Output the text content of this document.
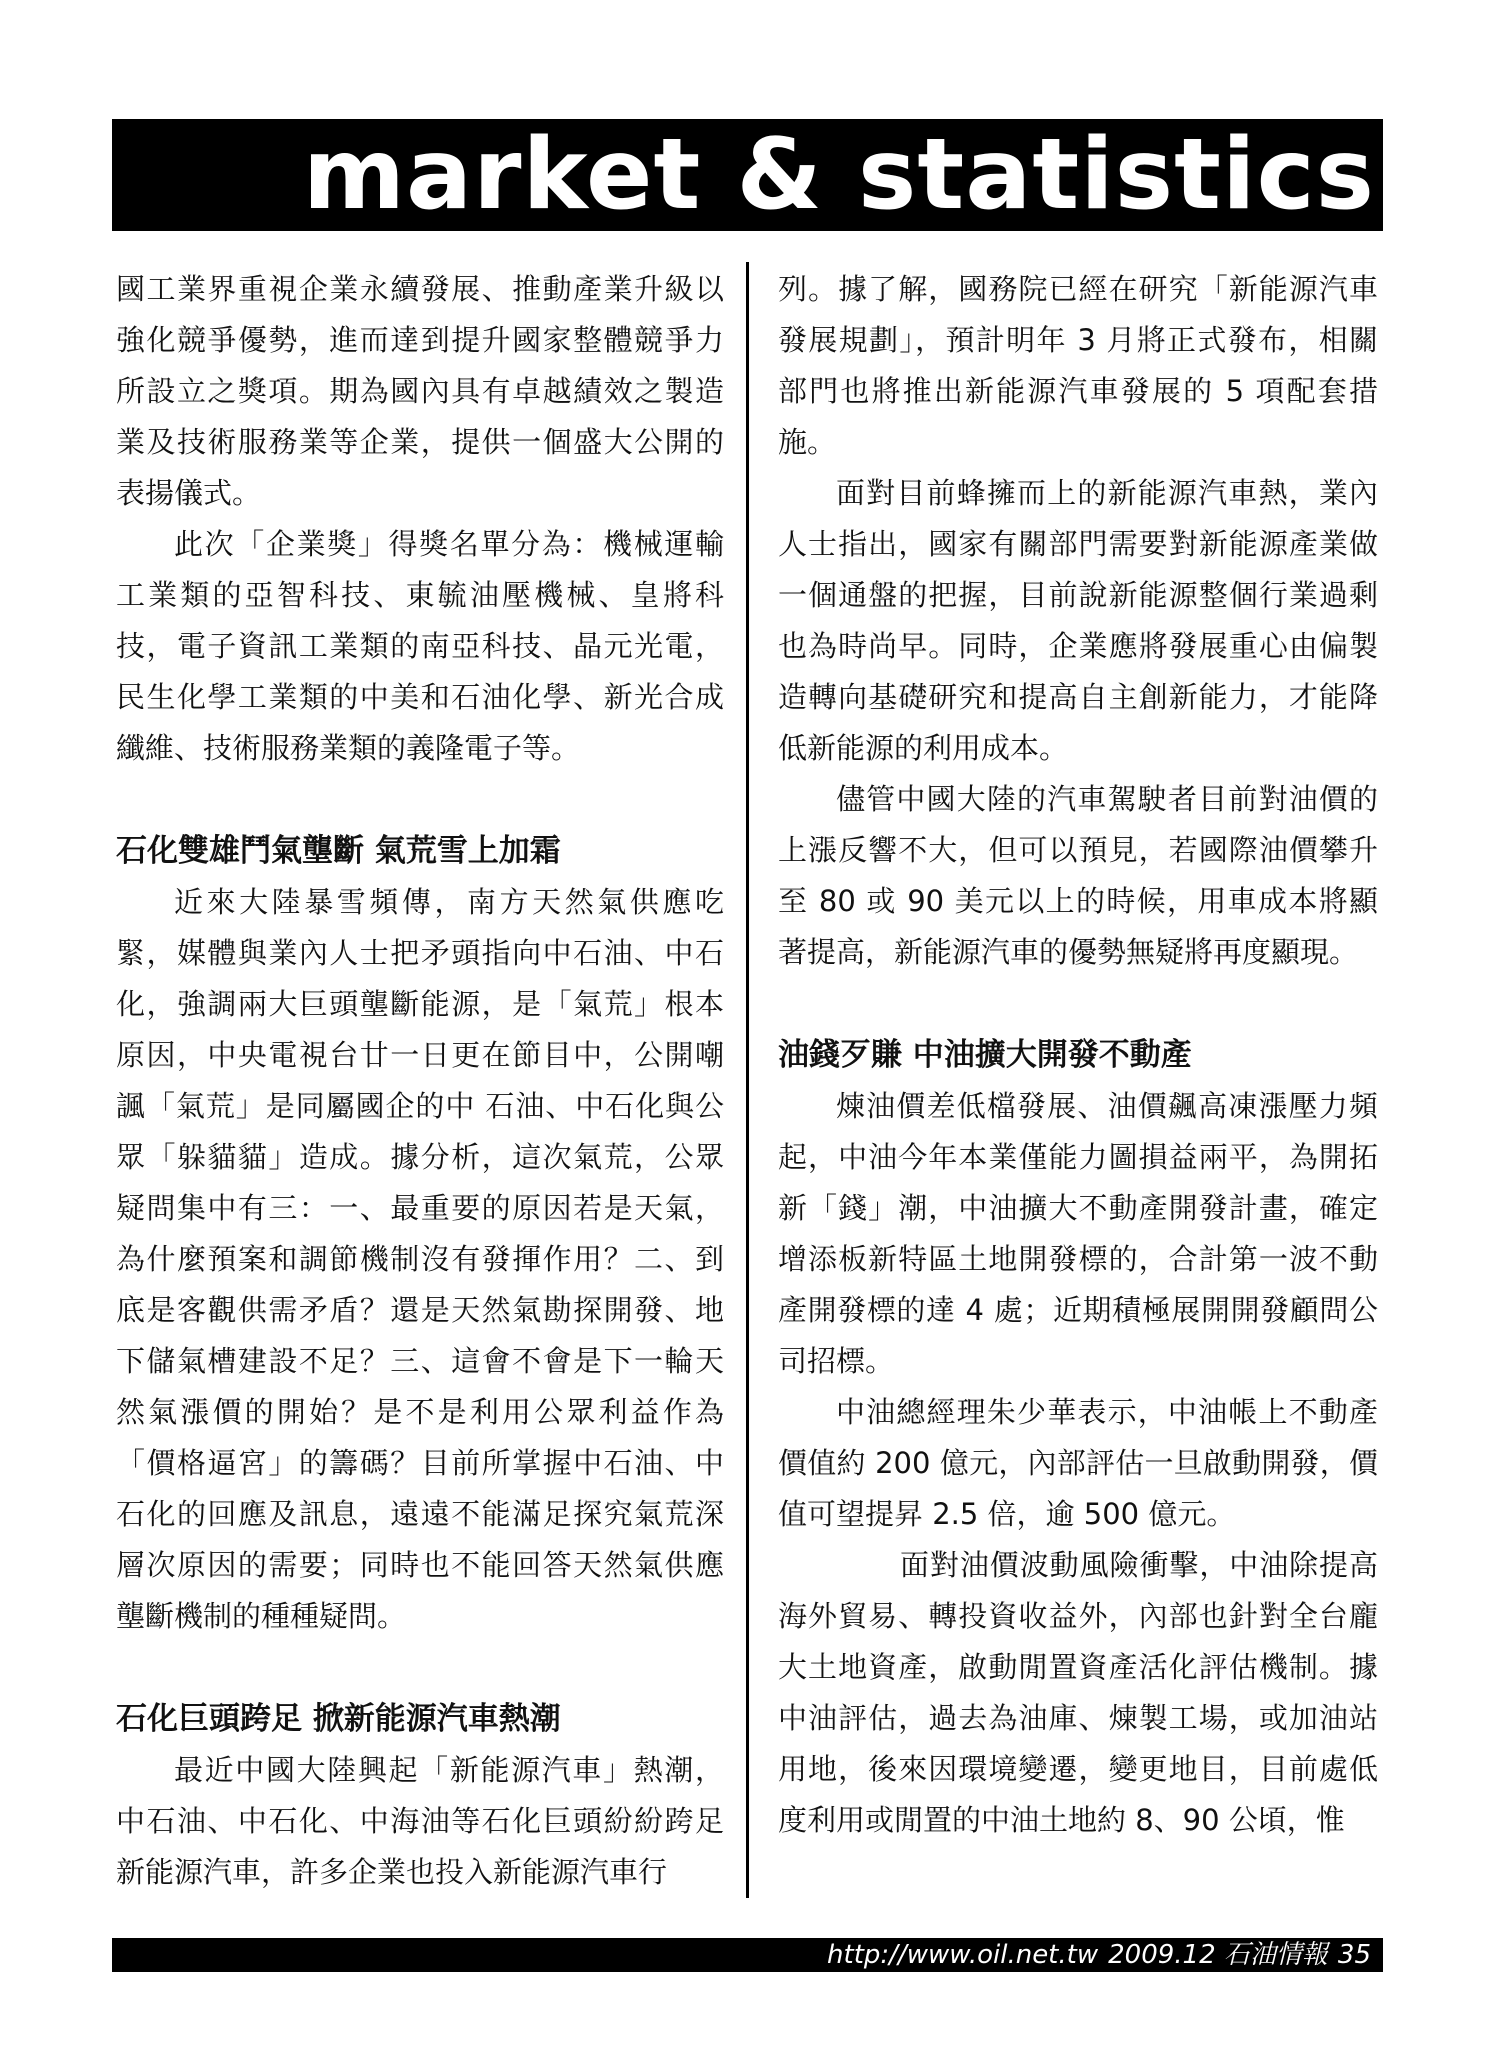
market & statistics

國工業界重視企業永續發展、推動產業升級以強化競爭優勢，進而達到提升國家整體競爭力所設立之獎項。期為國內具有卓越績效之製造業及技術服務業等企業，提供一個盛大公開的表揚儀式。

此次「企業獎」得獎名單分為：機械運輸工業類的亞智科技、東毓油壓機械、皇將科技，電子資訊工業類的南亞科技、晶元光電，民生化學工業類的中美和石油化學、新光合成纖維、技術服務業類的義隆電子等。

石化雙雄鬥氣壟斷 氣荒雪上加霜

近來大陸暴雪頻傳，南方天然氣供應吃緊，媒體與業內人士把矛頭指向中石油、中石化，強調兩大巨頭壟斷能源，是「氣荒」根本原因，中央電視台廿一日更在節目中，公開嘲諷「氣荒」是同屬國企的中 石油、中石化與公眾「躲貓貓」造成。據分析，這次氣荒，公眾疑問集中有三：一、最重要的原因若是天氣，為什麼預案和調節機制沒有發揮作用？二、到底是客觀供需矛盾？還是天然氣勘探開發、地下儲氣槽建設不足？三、這會不會是下一輪天然氣漲價的開始？是不是利用公眾利益作為「價格逼宮」的籌碼？目前所掌握中石油、中石化的回應及訊息，遠遠不能滿足探究氣荒深層次原因的需要；同時也不能回答天然氣供應壟斷機制的種種疑問。

石化巨頭跨足 掀新能源汽車熱潮

最近中國大陸興起「新能源汽車」熱潮，中石油、中石化、中海油等石化巨頭紛紛跨足新能源汽車，許多企業也投入新能源汽車行

列。據了解，國務院已經在研究「新能源汽車發展規劃」，預計明年 3 月將正式發布，相關部門也將推出新能源汽車發展的 5 項配套措施。

面對目前蜂擁而上的新能源汽車熱，業內人士指出，國家有關部門需要對新能源產業做一個通盤的把握，目前說新能源整個行業過剩也為時尚早。同時，企業應將發展重心由偏製造轉向基礎研究和提高自主創新能力，才能降低新能源的利用成本。

儘管中國大陸的汽車駕駛者目前對油價的上漲反響不大，但可以預見，若國際油價攀升至 80 或 90 美元以上的時候，用車成本將顯著提高，新能源汽車的優勢無疑將再度顯現。

油錢歹賺 中油擴大開發不動產

煉油價差低檔發展、油價飆高凍漲壓力頻起，中油今年本業僅能力圖損益兩平，為開拓新「錢」潮，中油擴大不動產開發計畫，確定增添板新特區土地開發標的，合計第一波不動產開發標的達 4 處；近期積極展開開發顧問公司招標。

中油總經理朱少華表示，中油帳上不動產價值約 200 億元，內部評估一旦啟動開發，價值可望提昇 2.5 倍，逾 500 億元。

面對油價波動風險衝擊，中油除提高海外貿易、轉投資收益外，內部也針對全台龐大土地資產，啟動閒置資產活化評估機制。據中油評估，過去為油庫、煉製工場，或加油站用地，後來因環境變遷，變更地目，目前處低度利用或閒置的中油土地約 8、90 公頃，惟

http://www.oil.net.tw 2009.12 石油情報 35
